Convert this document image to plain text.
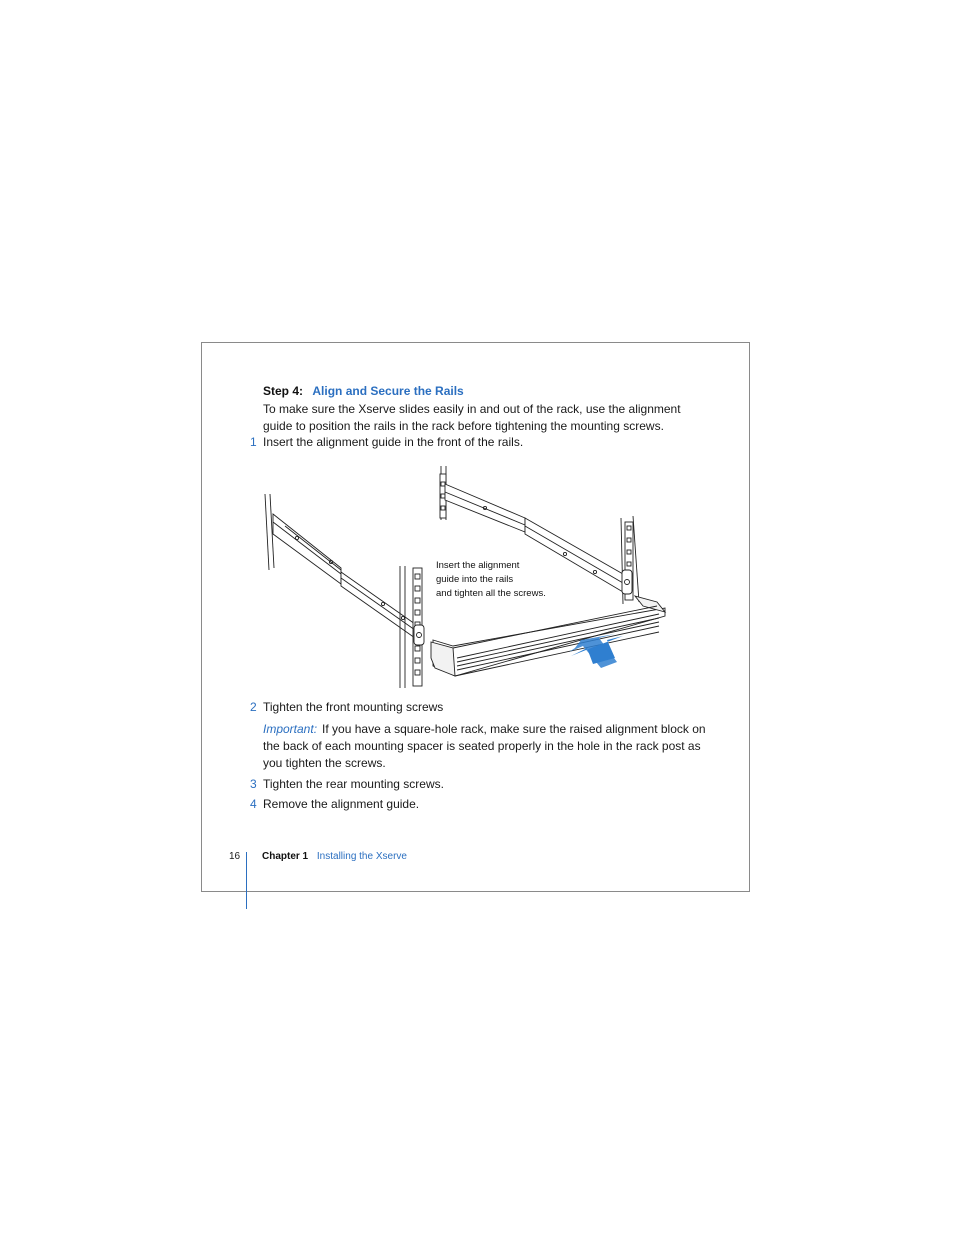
Step 4: Align and Secure the Rails
To make sure the Xserve slides easily in and out of the rack, use the alignment guide to position the rails in the rack before tightening the mounting screws.
1 Insert the alignment guide in the front of the rails.
Insert the alignment
guide into the rails
and tighten all the screws.
2 Tighten the front mounting screws
Important: If you have a square-hole rack, make sure the raised alignment block on the back of each mounting spacer is seated properly in the hole in the rack post as you tighten the screws.
3 Tighten the rear mounting screws.
4 Remove the alignment guide.
16 Chapter 1 Installing the Xserve
